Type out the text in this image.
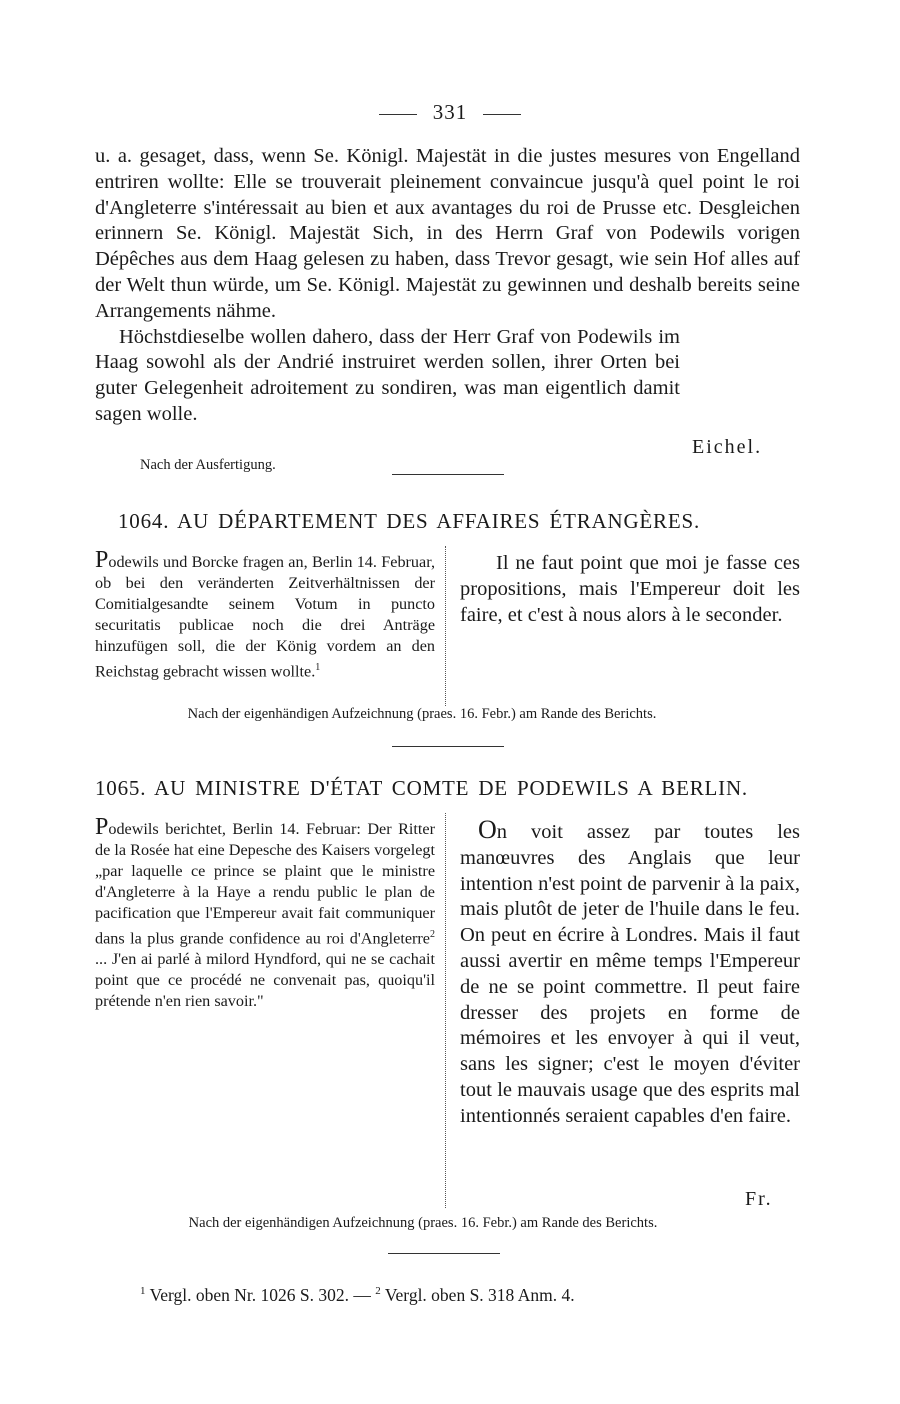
331

u. a. gesaget, dass, wenn Se. Königl. Majestät in die justes mesures von Engelland entriren wollte: Elle se trouverait pleinement convaincue jusqu'à quel point le roi d'Angleterre s'intéressait au bien et aux avantages du roi de Prusse etc. Desgleichen erinnern Se. Königl. Majestät Sich, in des Herrn Graf von Podewils vorigen Dépêches aus dem Haag gelesen zu haben, dass Trevor gesagt, wie sein Hof alles auf der Welt thun würde, um Se. Königl. Majestät zu gewinnen und deshalb bereits seine Arrangements nähme.

Höchstdieselbe wollen dahero, dass der Herr Graf von Podewils im Haag sowohl als der Andrié instruiret werden sollen, ihrer Orten bei guter Gelegenheit adroitement zu sondiren, was man eigentlich damit sagen wolle.

Eichel.
Nach der Ausfertigung.
1064. AU DÉPARTEMENT DES AFFAIRES ÉTRANGÈRES.

Podewils und Borcke fragen an, Berlin 14. Februar, ob bei den veränderten Zeitverhältnissen der Comitialgesandte seinem Votum in puncto securitatis publicae noch die drei Anträge hinzufügen soll, die der König vordem an den Reichstag gebracht wissen wollte.$^1$

Il ne faut point que moi je fasse ces propositions, mais l'Empereur doit les faire, et c'est à nous alors à le seconder.

Nach der eigenhändigen Aufzeichnung (praes. 16. Febr.) am Rande des Berichts.
1065. AU MINISTRE D'ÉTAT COMTE DE PODEWILS A BERLIN.

Podewils berichtet, Berlin 14. Februar: Der Ritter de la Rosée hat eine Depesche des Kaisers vorgelegt „par laquelle ce prince se plaint que le ministre d'Angleterre à la Haye a rendu public le plan de pacification que l'Empereur avait fait communiquer dans la plus grande confidence au roi d'Angleterre$^2$ ... J'en ai parlé à milord Hyndford, qui ne se cachait point que ce procédé ne convenait pas, quoiqu'il prétende n'en rien savoir."

On voit assez par toutes les manœuvres des Anglais que leur intention n'est point de parvenir à la paix, mais plutôt de jeter de l'huile dans le feu. On peut en écrire à Londres. Mais il faut aussi avertir en même temps l'Empereur de ne se point commettre. Il peut faire dresser des projets en forme de mémoires et les envoyer à qui il veut, sans les signer; c'est le moyen d'éviter tout le mauvais usage que des esprits mal intentionnés seraient capables d'en faire.

Fr.
Nach der eigenhändigen Aufzeichnung (praes. 16. Febr.) am Rande des Berichts.
$^1$ Vergl. oben Nr. 1026 S. 302. — $^2$ Vergl. oben S. 318 Anm. 4.
